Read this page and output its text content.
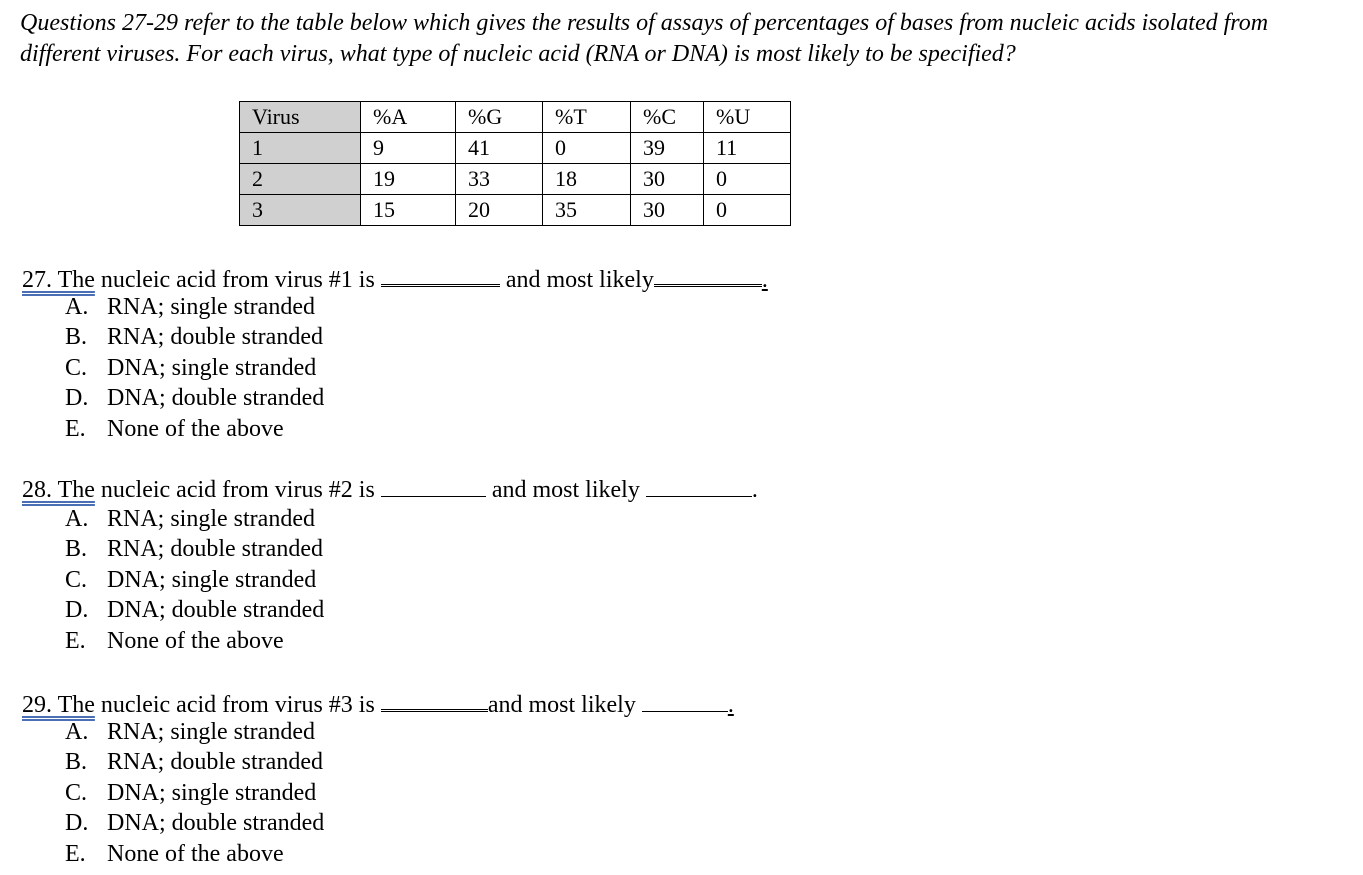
Questions 27-29 refer to the table below which gives the results of assays of percentages of bases from nucleic acids isolated from different viruses. For each virus, what type of nucleic acid (RNA or DNA) is most likely to be specified?

Virus	%A	%G	%T	%C	%U
1	9	41	0	39	11
2	19	33	18	30	0
3	15	20	35	30	0
27. The nucleic acid from virus #1 is	and most likely	.
A. RNA; single stranded
B. RNA; double stranded
C. DNA; single stranded
D. DNA; double stranded
E. None of the above
28. The nucleic acid from virus #2 is	and most likely	.
A. RNA; single stranded
B. RNA; double stranded
C. DNA; single stranded
D. DNA; double stranded
E. None of the above
29. The nucleic acid from virus #3 is	and most likely	.
A. RNA; single stranded
B. RNA; double stranded
C. DNA; single stranded
D. DNA; double stranded
E. None of the above
